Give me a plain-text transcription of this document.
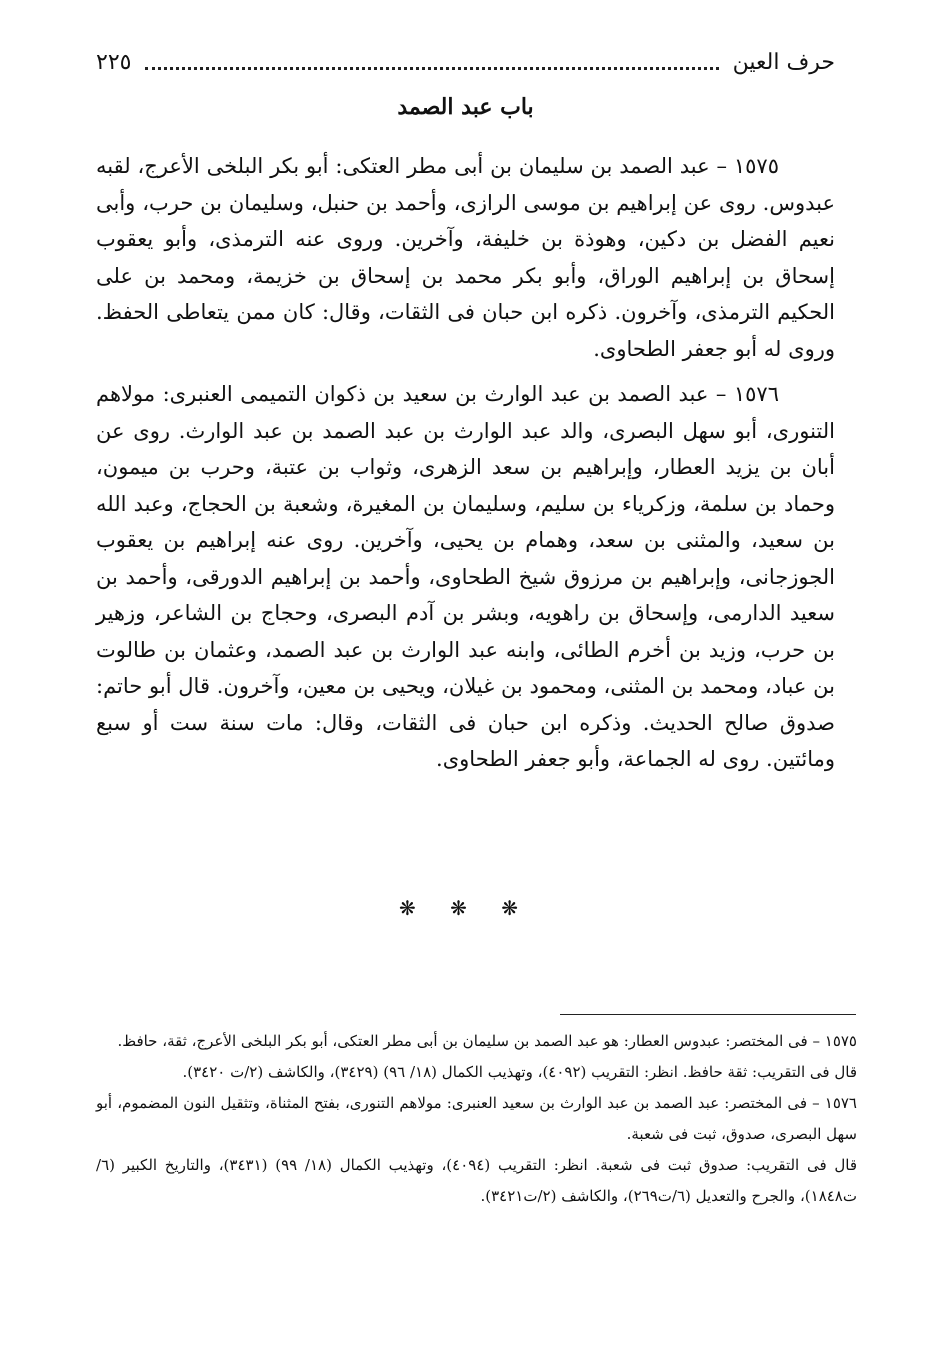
حرف العين
٢٢٥
باب عبد الصمد

١٥٧٥ – عبد الصمد بن سليمان بن أبى مطر العتكى: أبو بكر البلخى الأعرج، لقبه عبدوس. روى عن إبراهيم بن موسى الرازى، وأحمد بن حنبل، وسليمان بن حرب، وأبى نعيم الفضل بن دكين، وهوذة بن خليفة، وآخرين. وروى عنه الترمذى، وأبو يعقوب إسحاق بن إبراهيم الوراق، وأبو بكر محمد بن إسحاق بن خزيمة، ومحمد بن على الحكيم الترمذى، وآخرون. ذكره ابن حبان فى الثقات، وقال: كان ممن يتعاطى الحفظ. وروى له أبو جعفر الطحاوى.

١٥٧٦ – عبد الصمد بن عبد الوارث بن سعيد بن ذكوان التميمى العنبرى: مولاهم التنورى، أبو سهل البصرى، والد عبد الوارث بن عبد الصمد بن عبد الوارث. روى عن أبان بن يزيد العطار، وإبراهيم بن سعد الزهرى، وثواب بن عتبة، وحرب بن ميمون، وحماد بن سلمة، وزكرياء بن سليم، وسليمان بن المغيرة، وشعبة بن الحجاج، وعبد الله بن سعيد، والمثنى بن سعد، وهمام بن يحيى، وآخرين. روى عنه إبراهيم بن يعقوب الجوزجانى، وإبراهيم بن مرزوق شيخ الطحاوى، وأحمد بن إبراهيم الدورقى، وأحمد بن سعيد الدارمى، وإسحاق بن راهويه، وبشر بن آدم البصرى، وحجاج بن الشاعر، وزهير بن حرب، وزيد بن أخرم الطائى، وابنه عبد الوارث بن عبد الصمد، وعثمان بن طالوت بن عباد، ومحمد بن المثنى، ومحمود بن غيلان، ويحيى بن معين، وآخرون. قال أبو حاتم: صدوق صالح الحديث. وذكره ابن حبان فى الثقات، وقال: مات سنة ست أو سبع ومائتين. روى له الجماعة، وأبو جعفر الطحاوى.

❋ ❋ ❋

١٥٧٥ – فى المختصر: عبدوس العطار: هو عبد الصمد بن سليمان بن أبى مطر العتكى، أبو بكر البلخى الأعرج، ثقة، حافظ.

قال فى التقريب: ثقة حافظ. انظر: التقريب (٤٠٩٢)، وتهذيب الكمال (١٨/ ٩٦) (٣٤٢٩)، والكاشف (٢/ت ٣٤٢٠).

١٥٧٦ – فى المختصر: عبد الصمد بن عبد الوارث بن سعيد العنبرى: مولاهم التنورى، بفتح المثناة، وتثقيل النون المضموم، أبو سهل البصرى، صدوق، ثبت فى شعبة.

قال فى التقريب: صدوق ثبت فى شعبة. انظر: التقريب (٤٠٩٤)، وتهذيب الكمال (١٨/ ٩٩) (٣٤٣١)، والتاريخ الكبير (٦/ت١٨٤٨)، والجرح والتعديل (٦/ت٢٦٩)، والكاشف (٢/ت٣٤٢١).
